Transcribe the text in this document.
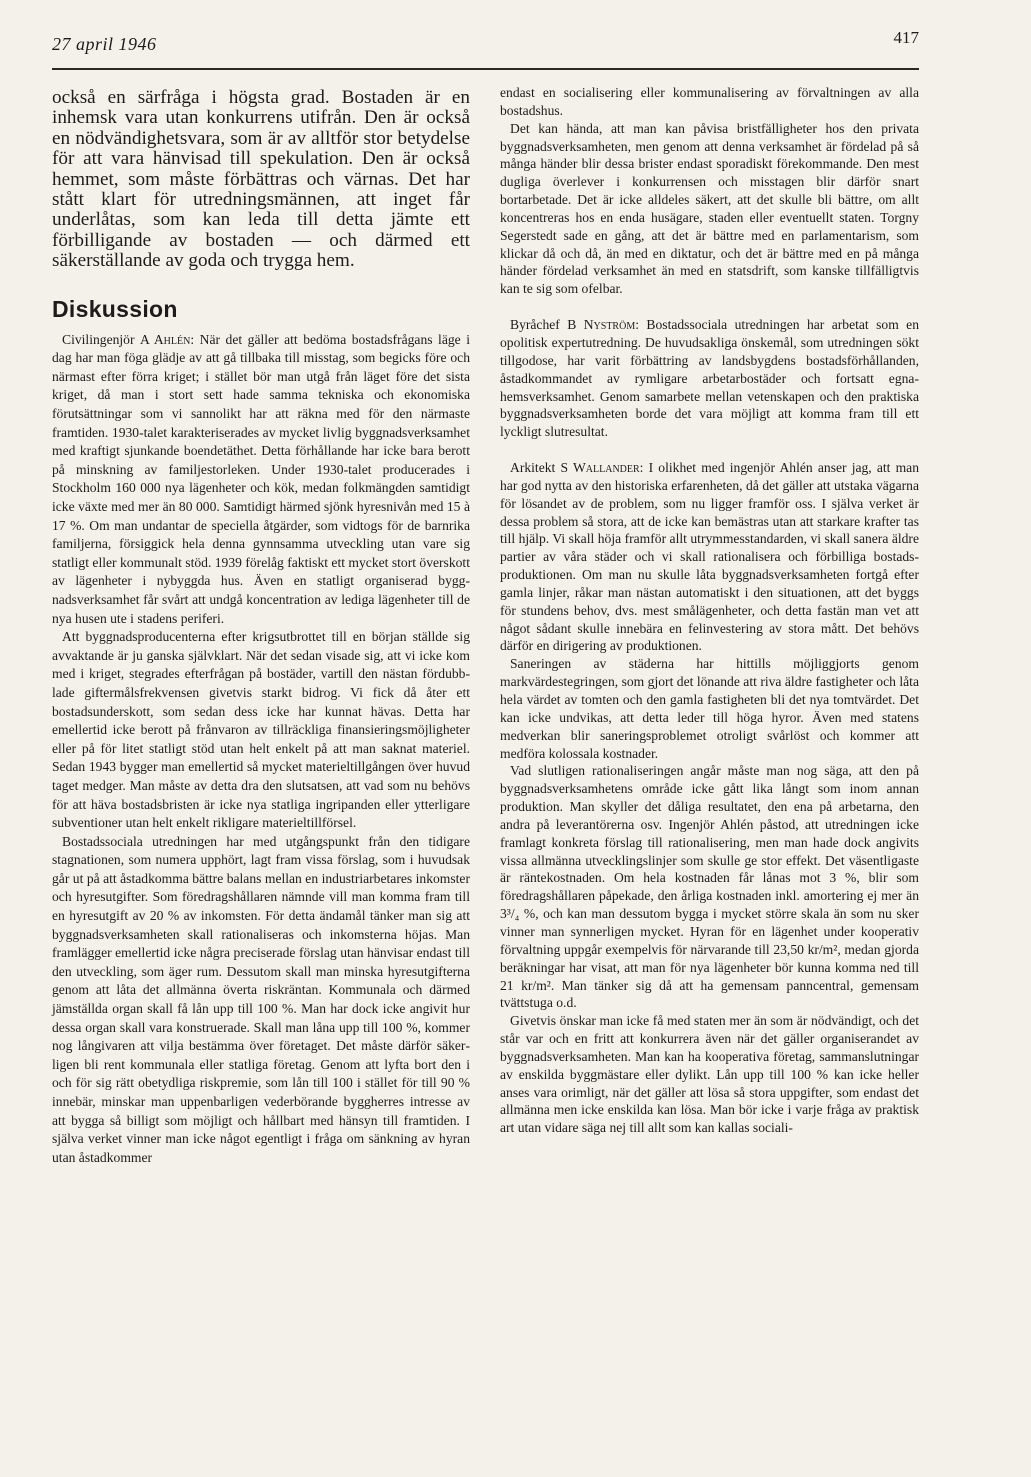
27 april 1946	417

också en särfråga i högsta grad. Bostaden är en inhemsk vara utan konkurrens utifrån. Den är också en nödvändighetsvara, som är av alltför stor betydelse för att vara hänvisad till spekulation. Den är också hemmet, som måste förbättras och värnas. Det har stått klart för utredningsmännen, att inget får underlåtas, som kan leda till detta jämte ett förbilligande av bostaden — och därmed ett säkerställande av goda och trygga hem.

Diskussion

Civilingenjör A Ahlén: När det gäller att bedöma bostadsfrågans läge i dag har man föga glädje av att gå tillbaka till misstag, som begicks före och närmast efter förra kriget; i stället bör man utgå från läget före det sista kriget, då man i stort sett hade samma tekniska och ekonomiska förutsättningar som vi sannolikt har att räkna med för den närmaste framtiden. 1930-talet karakteriserades av mycket livlig byggnadsverksamhet med kraftigt sjunkande boendetäthet. Detta förhållande har icke bara berott på minskning av familjestorleken. Under 1930-talet producerades i Stockholm 160 000 nya lägenheter och kök, medan folkmängden samtidigt icke växte med mer än 80 000. Samtidigt härmed sjönk hyresnivån med 15 à 17 %. Om man undantar de speciella åtgärder, som vidtogs för de barnrika familjerna, försiggick hela denna gynnsamma utveckling utan vare sig statligt eller kommunalt stöd. 1939 förelåg faktiskt ett mycket stort överskott av lägenheter i nybyggda hus. Även en statligt organiserad byggnadsverksamhet får svårt att undgå koncentration av lediga lägenheter till de nya husen ute i stadens periferi.

Att byggnadsproducenterna efter krigsutbrottet till en början ställde sig avvaktande är ju ganska självklart. När det sedan visade sig, att vi icke kom med i kriget, stegrades efterfrågan på bostäder, vartill den nästan fördubblade giftermålsfrekvensen givetvis starkt bidrog. Vi fick då åter ett bostadsunderskott, som sedan dess icke har kunnat hävas. Detta har emellertid icke berott på frånvaron av tillräckliga finansieringsmöjligheter eller på för litet statligt stöd utan helt enkelt på att man saknat materiel. Sedan 1943 bygger man emellertid så mycket materieltillgången över huvud taget medger. Man måste av detta dra den slutsatsen, att vad som nu behövs för att häva bostadsbristen är icke nya statliga ingripanden eller ytterligare subventioner utan helt enkelt rikligare materieltillförsel.

Bostadssociala utredningen har med utgångspunkt från den tidigare stagnationen, som numera upphört, lagt fram vissa förslag, som i huvudsak går ut på att åstadkomma bättre balans mellan en industriarbetares inkomster och hyresutgifter. Som föredragshållaren nämnde vill man komma fram till en hyresutgift av 20 % av inkomsten. För detta ändamål tänker man sig att byggnadsverksamheten skall rationaliseras och inkomsterna höjas. Man framlägger emellertid icke några preciserade förslag utan hänvisar endast till den utveckling, som äger rum. Dessutom skall man minska hyresutgifterna genom att låta det allmänna överta riskräntan. Kommunala och därmed jämställda organ skall få lån upp till 100 %. Man har dock icke angivit hur dessa organ skall vara konstruerade. Skall man låna upp till 100 %, kommer nog långivaren att vilja bestämma över företaget. Det måste därför säkerligen bli rent kommunala eller statliga företag. Genom att lyfta bort den i och för sig rätt obetydliga riskpremie, som lån till 100 i stället för till 90 % innebär, minskar man uppenbarligen vederbörande byggherres intresse av att bygga så billigt som möjligt och hållbart med hänsyn till framtiden. I själva verket vinner man icke något egentligt i fråga om sänkning av hyran utan åstadkommer

endast en socialisering eller kommunalisering av förvaltningen av alla bostadshus.

Det kan hända, att man kan påvisa bristfälligheter hos den privata byggnadsverksamheten, men genom att denna verksamhet är fördelad på så många händer blir dessa brister endast sporadiskt förekommande. Den mest dugliga överlever i konkurrensen och misstagen blir därför snart bortarbetade. Det är icke alldeles säkert, att det skulle bli bättre, om allt koncentreras hos en enda husägare, staden eller eventuellt staten. Torgny Segerstedt sade en gång, att det är bättre med en parlamentarism, som klickar då och då, än med en diktatur, och det är bättre med en på många händer fördelad verksamhet än med en statsdrift, som kanske tillfälligtvis kan te sig som ofelbar.

Byråchef B Nyström: Bostadssociala utredningen har arbetat som en opolitisk expertutredning. De huvudsakliga önskemål, som utredningen sökt tillgodose, har varit förbättring av landsbygdens bostadsförhållanden, åstadkommandet av rymligare arbetarbostäder och fortsatt egnahemsverksamhet. Genom samarbete mellan vetenskapen och den praktiska byggnadsverksamheten borde det vara möjligt att komma fram till ett lyckligt slutresultat.

Arkitekt S Wallander: I olikhet med ingenjör Ahlén anser jag, att man har god nytta av den historiska erfarenheten, då det gäller att utstaka vägarna för lösandet av de problem, som nu ligger framför oss. I själva verket är dessa problem så stora, att de icke kan bemästras utan att starkare krafter tas till hjälp. Vi skall höja framför allt utrymmesstandarden, vi skall sanera äldre partier av våra städer och vi skall rationalisera och förbilliga bostadsproduktionen. Om man nu skulle låta byggnadsverksamheten fortgå efter gamla linjer, råkar man nästan automatiskt i den situationen, att det byggs för stundens behov, dvs. mest smålägenheter, och detta fastän man vet att något sådant skulle innebära en felinvestering av stora mått. Det behövs därför en dirigering av produktionen.

Saneringen av städerna har hittills möjliggjorts genom markvärdestegringen, som gjort det lönande att riva äldre fastigheter och låta hela värdet av tomten och den gamla fastigheten bli det nya tomtvärdet. Det kan icke undvikas, att detta leder till höga hyror. Även med statens medverkan blir saneringsproblemet otroligt svårlöst och kommer att medföra kolossala kostnader.

Vad slutligen rationaliseringen angår måste man nog säga, att den på byggnadsverksamhetens område icke gått lika långt som inom annan produktion. Man skyller det dåliga resultatet, den ena på arbetarna, den andra på leverantörerna osv. Ingenjör Ahlén påstod, att utredningen icke framlagt konkreta förslag till rationalisering, men man hade dock angivits vissa allmänna utvecklingslinjer som skulle ge stor effekt. Det väsentligaste är räntekostnaden. Om hela kostnaden får lånas mot 3 %, blir som föredragshållaren påpekade, den årliga kostnaden inkl. amortering ej mer än 3³/₄ %, och kan man dessutom bygga i mycket större skala än som nu sker vinner man synnerligen mycket. Hyran för en lägenhet under kooperativ förvaltning uppgår exempelvis för närvarande till 23,50 kr/m², medan gjorda beräkningar har visat, att man för nya lägenheter bör kunna komma ned till 21 kr/m². Man tänker sig då att ha gemensam panncentral, gemensam tvättstuga o.d.

Givetvis önskar man icke få med staten mer än som är nödvändigt, och det står var och en fritt att konkurrera även när det gäller organiserandet av byggnadsverksamheten. Man kan ha kooperativa företag, sammanslutningar av enskilda byggmästare eller dylikt. Lån upp till 100 % kan icke heller anses vara orimligt, när det gäller att lösa så stora uppgifter, som endast det allmänna men icke enskilda kan lösa. Man bör icke i varje fråga av praktisk art utan vidare säga nej till allt som kan kallas sociali-
